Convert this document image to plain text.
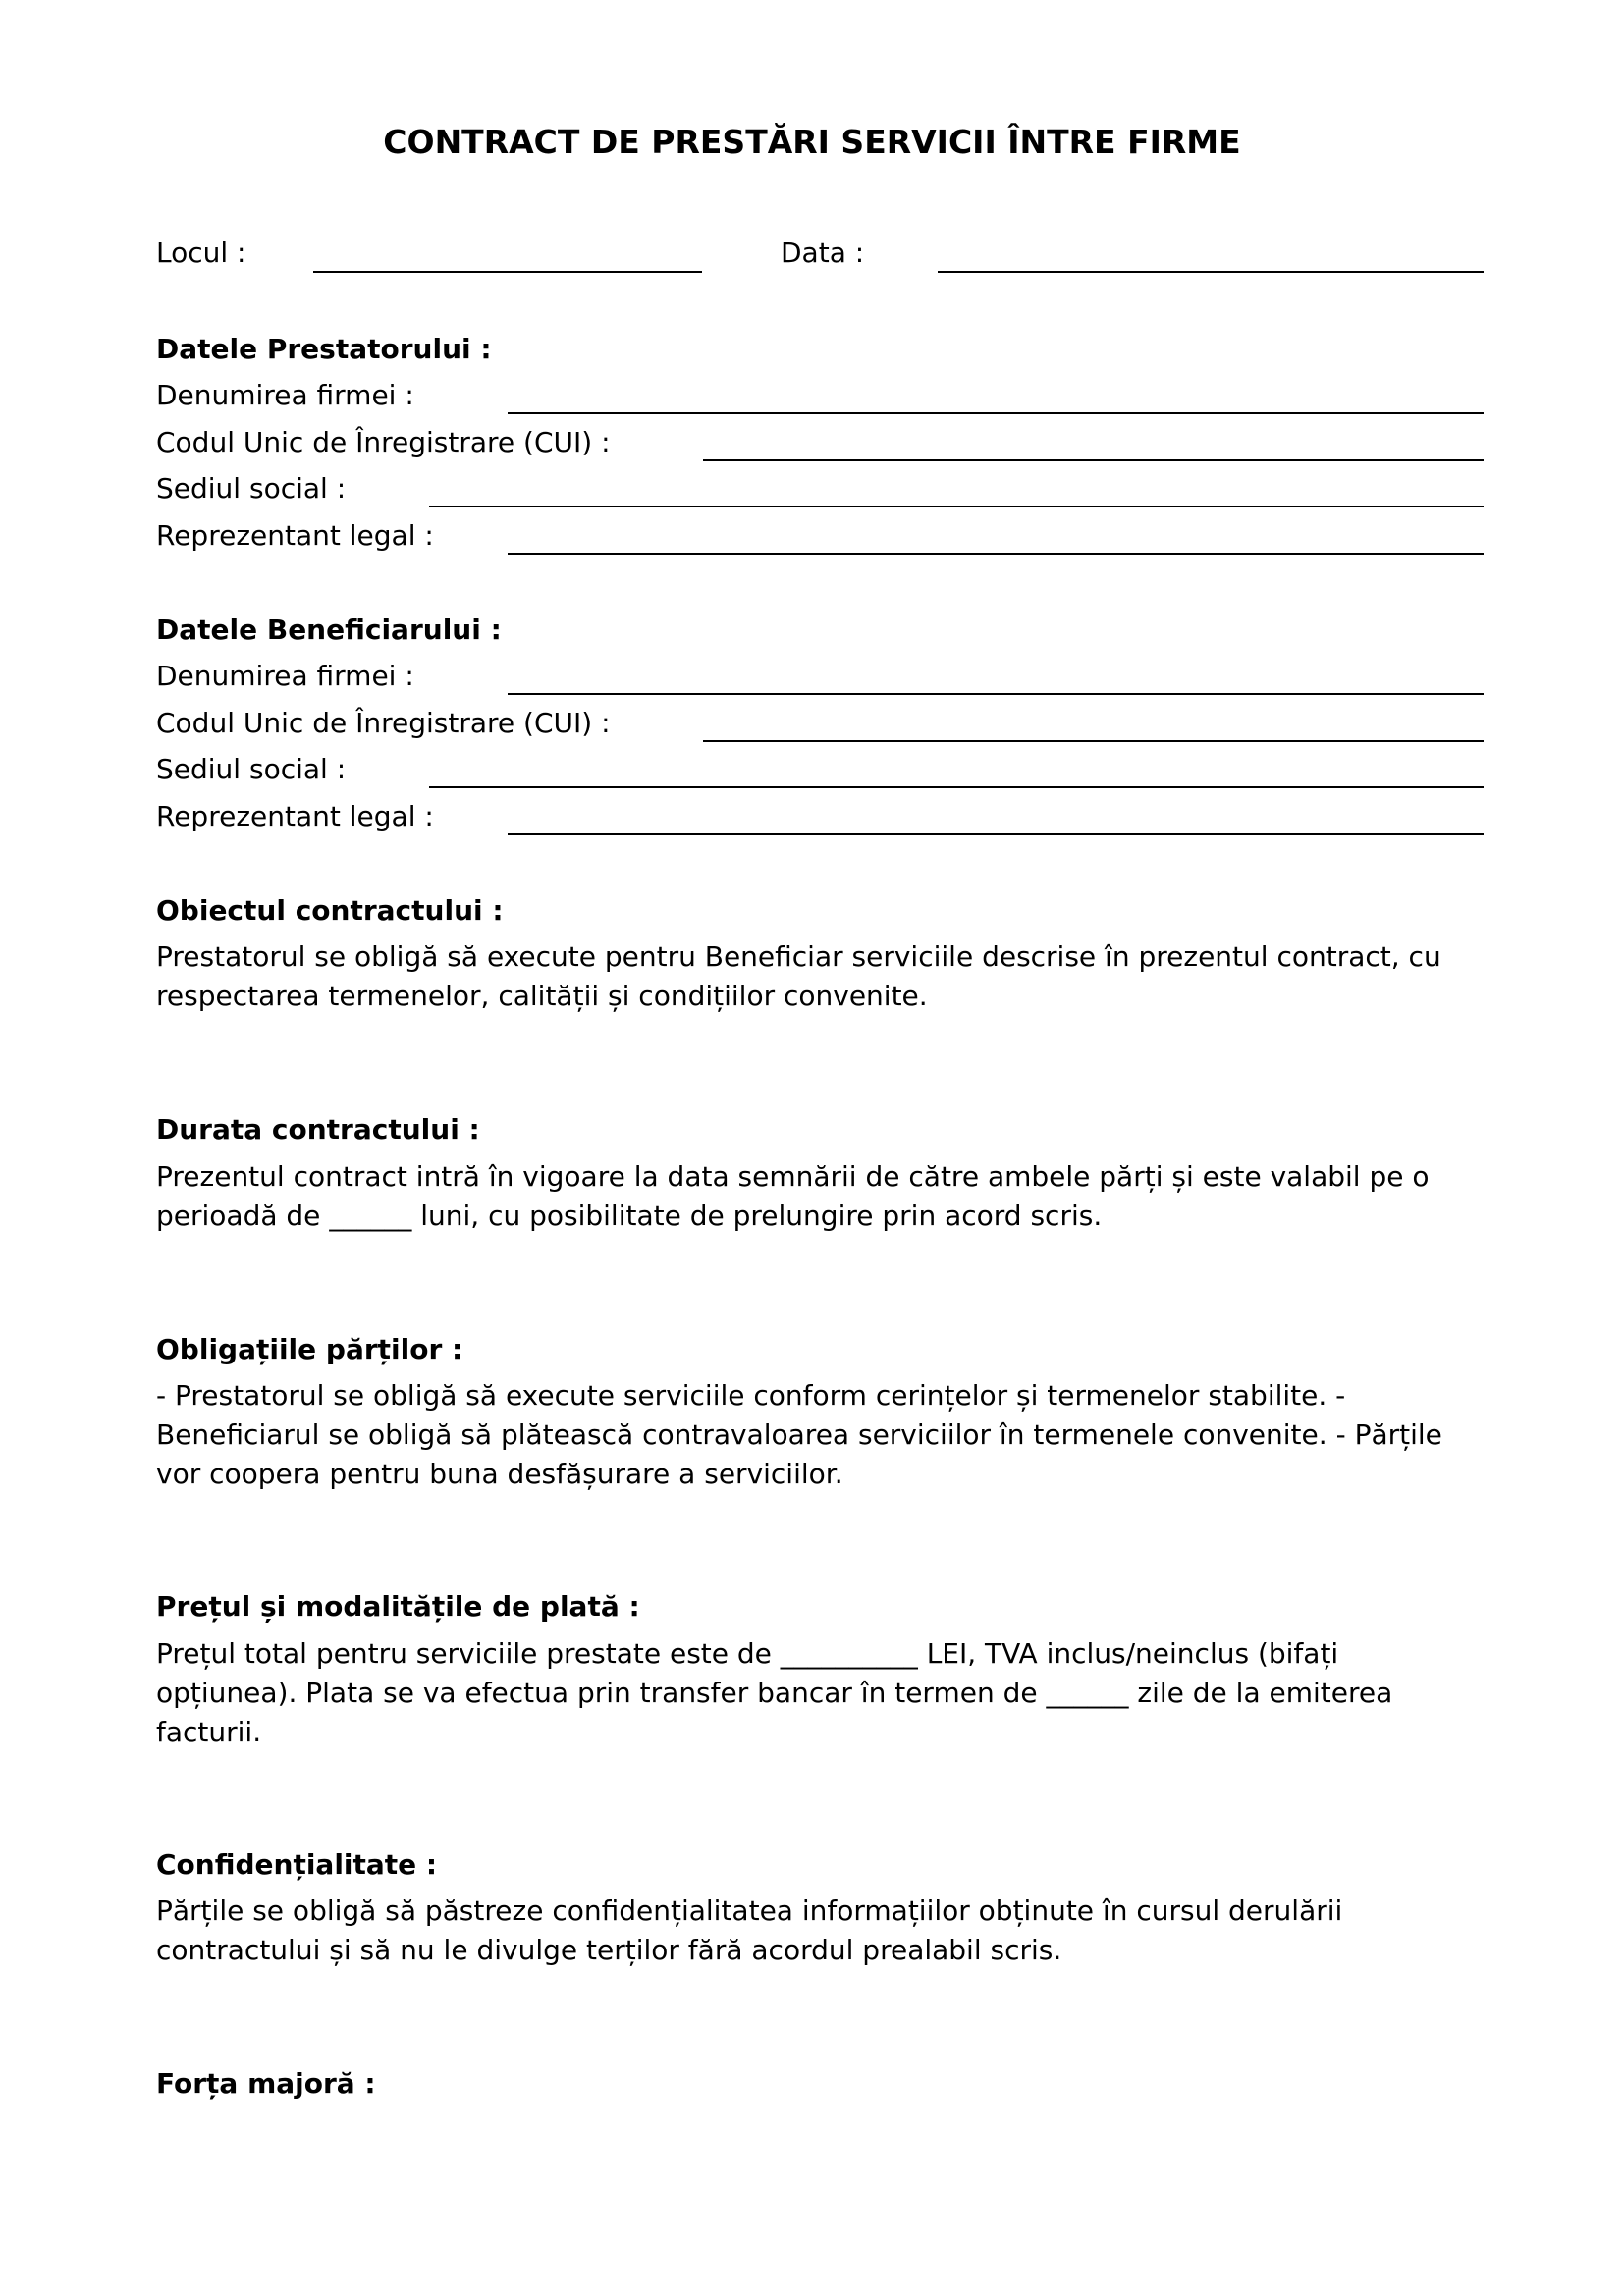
CONTRACT DE PRESTĂRI SERVICII ÎNTRE FIRME
Locul :	Data :
Datele Prestatorului :
Denumirea firmei :
Codul Unic de Înregistrare (CUI) :
Sediul social :
Reprezentant legal :
Datele Beneficiarului :
Denumirea firmei :
Codul Unic de Înregistrare (CUI) :
Sediul social :
Reprezentant legal :
Obiectul contractului :

Prestatorul se obligă să execute pentru Beneficiar serviciile descrise în prezentul contract, cu respectarea termenelor, calității și condițiilor convenite.

Durata contractului :

Prezentul contract intră în vigoare la data semnării de către ambele părți și este valabil pe o perioadă de ______ luni, cu posibilitate de prelungire prin acord scris.

Obligațiile părților :

- Prestatorul se obligă să execute serviciile conform cerințelor și termenelor stabilite. - Beneficiarul se obligă să plătească contravaloarea serviciilor în termenele convenite. - Părțile vor coopera pentru buna desfășurare a serviciilor.

Prețul și modalitățile de plată :

Prețul total pentru serviciile prestate este de __________ LEI, TVA inclus/neinclus (bifați opțiunea). Plata se va efectua prin transfer bancar în termen de ______ zile de la emiterea facturii.

Confidențialitate :

Părțile se obligă să păstreze confidențialitatea informațiilor obținute în cursul derulării contractului și să nu le divulge terților fără acordul prealabil scris.

Forța majoră :
